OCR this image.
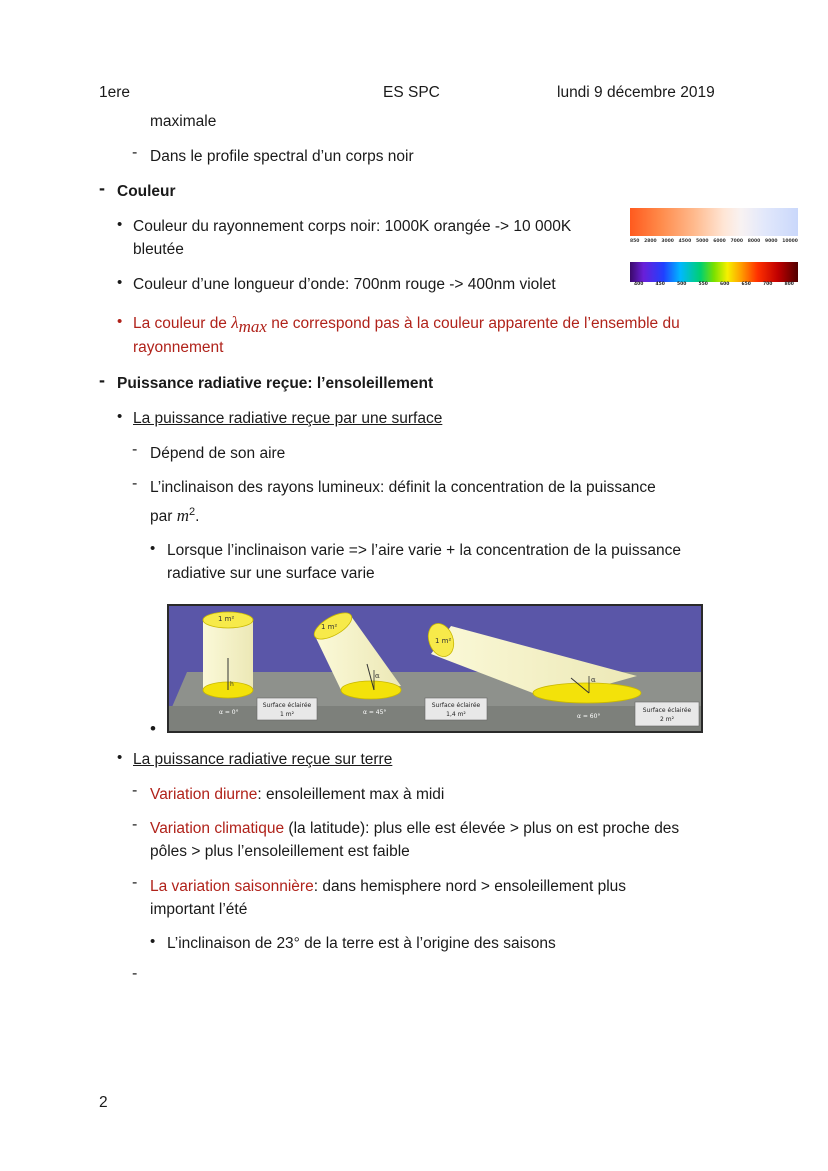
1ere	ES SPC	lundi 9 décembre 2019
maximale
- Dans le profile spectral d’un corps noir
- Couleur
• Couleur du rayonnement corps noir: 1000K orangée -> 10 000K
bleutée	850 2800 3000 4500 5000 6000 7000 8000 9000 10000
• Couleur d’une longueur d’onde: 700nm rouge -> 400nm violet	400	450	500	550	600	650	700	800
• La couleur de $\lambda_{max}$ ne correspond pas à la couleur apparente de l’ensemble du
rayonnement
- Puissance radiative reçue: l’ensoleillement
• La puissance radiative reçue par une surface
- Dépend de son aire
- L’inclinaison des rayons lumineux: définit la concentration de la puissance
par $m^2$.
• Lorsque l’inclinaison varie => l’aire varie + la concentration de la puissance
radiative sur une surface varie
1 m²
1 m²
1 m²
h
α	α
α = 0°	α = 45°
α = 60°
Surface éclairée
1 m²
Surface éclairée
1,4 m²
Surface éclairée
2 m²
•
• La puissance radiative reçue sur terre
- Variation diurne: ensoleillement max à midi
- Variation climatique (la latitude): plus elle est élevée > plus on est proche des
pôles > plus l’ensoleillement est faible
- La variation saisonnière: dans hemisphere nord > ensoleillement plus
important l’été
• L’inclinaison de 23° de la terre est à l’origine des saisons
-
2
